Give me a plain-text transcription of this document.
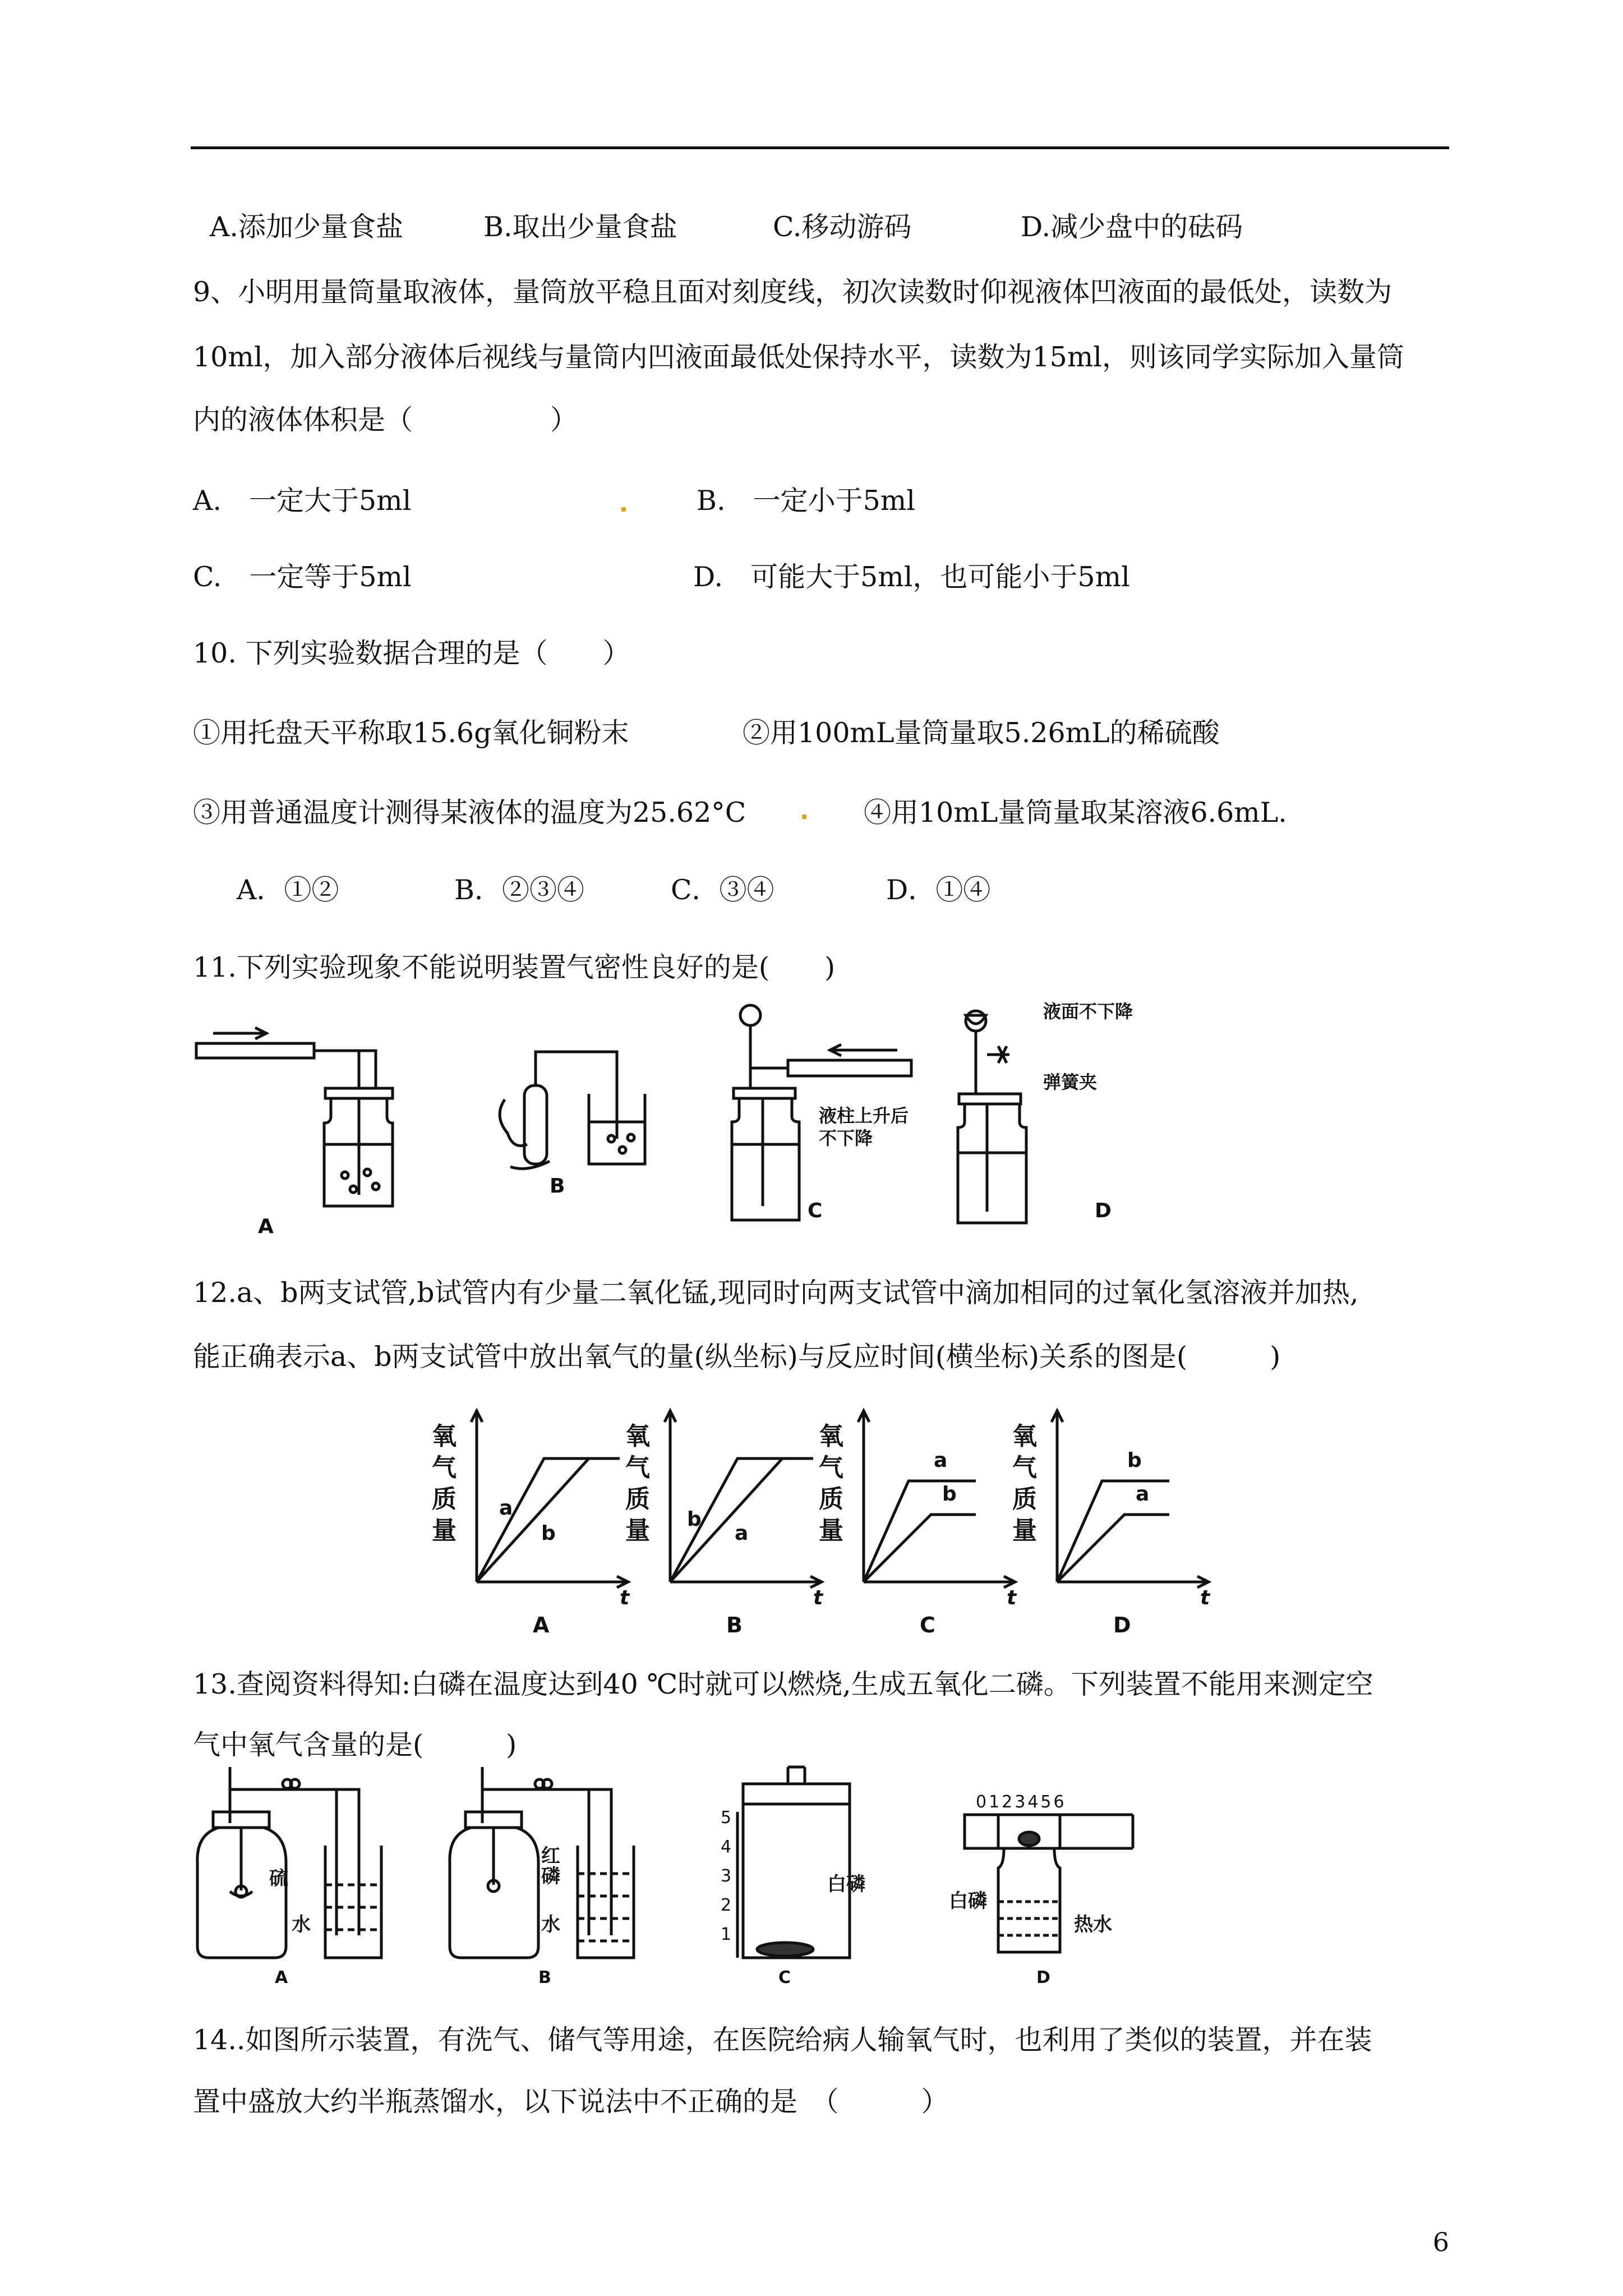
A.添加少量食盐	B.取出少量食盐	C.移动游码	D.减少盘中的砝码
9、小明用量筒量取液体，量筒放平稳且面对刻度线，初次读数时仰视液体凹液面的最低处，读数为
10ml，加入部分液体后视线与量筒内凹液面最低处保持水平，读数为15ml，则该同学实际加入量筒
内的液体体积是（　　　　　）
A.　一定大于5ml	B.　一定小于5ml
C.　一定等于5ml	D.　可能大于5ml，也可能小于5ml
10. 下列实验数据合理的是（　　）
①用托盘天平称取15.6g氧化铜粉末	②用100mL量筒量取5.26mL的稀硫酸
③用普通温度计测得某液体的温度为25.62°C	④用10mL量筒量取某溶液6.6mL.
A．①②	B．②③④	C．③④	D．①④
11.下列实验现象不能说明装置气密性良好的是(　　)
A
B
C	D
液柱上升后
不下降
液面不下降
弹簧夹
12.a、b两支试管,b试管内有少量二氧化锰,现同时向两支试管中滴加相同的过氧化氢溶液并加热,
能正确表示a、b两支试管中放出氧气的量(纵坐标)与反应时间(横坐标)关系的图是(　　　)
a
b
氧
气
质
量
t
A
a
b
氧
气
质
量
t
B
a
b
氧
气
质
量
t
C
a
b
氧
气
质
量
t
D
13.查阅资料得知:白磷在温度达到40 ℃时就可以燃烧,生成五氧化二磷。下列装置不能用来测定空
气中氧气含量的是(　　　)
硫
水
红
磷
水
白磷
白磷
热水
5
4
3
2
1
0123456
A	B	C	D
14..如图所示装置，有洗气、储气等用途，在医院给病人输氧气时，也利用了类似的装置，并在装
置中盛放大约半瓶蒸馏水，以下说法中不正确的是　（　　　）
6
